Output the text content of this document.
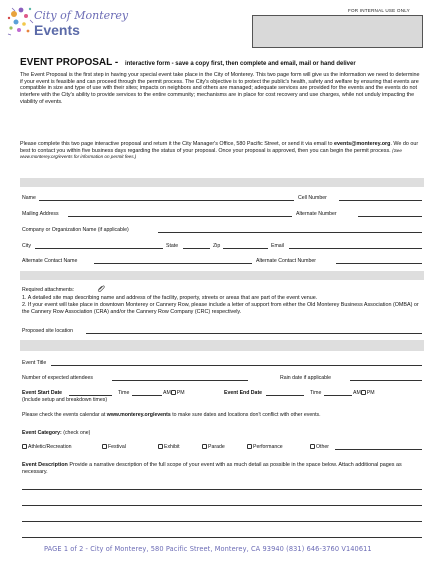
City of Monterey
Events
FOR INTERNAL USE ONLY
EVENT PROPOSAL - interactive form - save a copy first, then complete and email, mail or hand deliver
The Event Proposal is the first step in having your special event take place in the City of Monterey. This two page form will give us the information we need to determine if your event is feasible and can proceed through the permit process. The City's objective is to protect the public's health, safety and welfare by ensuring that events are compatible in size and type of use with their sites; impacts on neighbors and others are managed; adequate services are provided for the events and the events do not interfere with the City's ability to provide services to the entire community; mechanisms are in place for cost recovery and use charges, while not unduly impacting the viability of events.
Please complete this two page interactive proposal and return it the City Manager's Office, 580 Pacific Street, or send it via email to events@monterey.org. We do our best to contact you within five business days regarding the status of your proposal. Once your proposal is approved, then you can begin the permit process. (See www.monterey.org/events for information on permit fees.)
Name	Cell Number
Mailing Address	Alternate Number
Company or Organization Name (if applicable)
City	State	Zip	Email
Alternate Contact Name	Alternate Contact Number
Required attachments:
1. A detailed site map describing name and address of the facility, property, streets or areas that are part of the event venue.
2. If your event will take place in downtown Monterey or Cannery Row, please include a letter of support from either the Old Monterey Business Association (OMBA) or the Cannery Row Association (CRA) and/or the Cannery Row Company (CRC) respectively.
Proposed site location
Event Title
Number of expected attendees	Rain date if applicable
Event Start Date	Time	AM PM	Event End Date	Time	AM PM
(Include setup and breakdown times)
Please check the events calendar at www.monterey.org/events to make sure dates and locations don't conflict with other events.
Event Category: (check one)
Athletic/Recreation	Festival	Exhibit	Parade	Performance	Other
Event Description Provide a narrative description of the full scope of your event with as much detail as possible in the space below. Attach additional pages as necessary.
PAGE 1 of 2 - City of Monterey, 580 Pacific Street, Monterey, CA 93940 (831) 646-3760 V140611
